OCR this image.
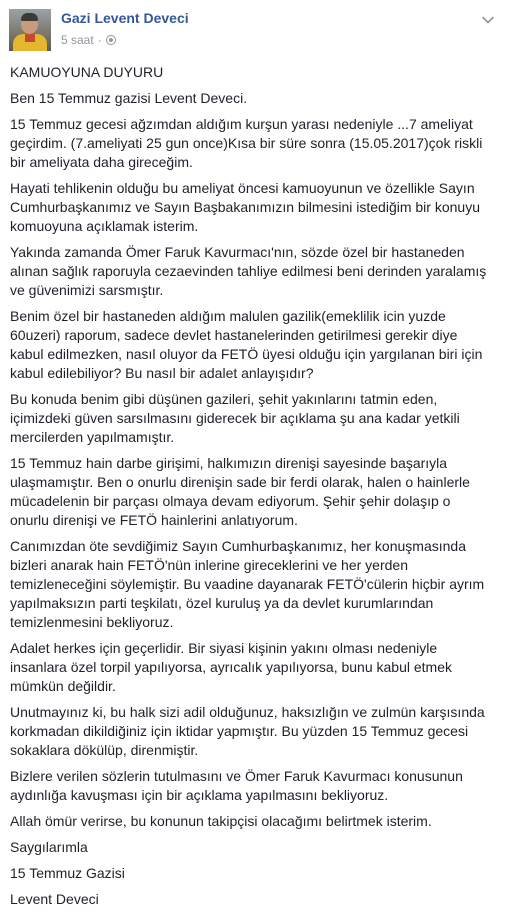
Gazi Levent Deveci
5 saat ·

KAMUOYUNA DUYURU

Ben 15 Temmuz gazisi Levent Deveci.

15 Temmuz gecesi ağzımdan aldığım kurşun yarası nedeniyle ...7 ameliyat
geçirdim. (7.ameliyati 25 gun once)Kısa bir süre sonra (15.05.2017)çok riskli
bir ameliyata daha gireceğim.

Hayati tehlikenin olduğu bu ameliyat öncesi kamuoyunun ve özellikle Sayın
Cumhurbaşkanımız ve Sayın Başbakanımızın bilmesini istediğim bir konuyu
komuoyuna açıklamak isterim.

Yakında zamanda Ömer Faruk Kavurmacı'nın, sözde özel bir hastaneden
alınan sağlık raporuyla cezaevinden tahliye edilmesi beni derinden yaralamış
ve güvenimizi sarsmıştır.

Benim özel bir hastaneden aldığım malulen gazilik(emeklilik icin yuzde
60uzeri) raporum, sadece devlet hastanelerinden getirilmesi gerekir diye
kabul edilmezken, nasıl oluyor da FETÖ üyesi olduğu için yargılanan biri için
kabul edilebiliyor? Bu nasıl bir adalet anlayışıdır?

Bu konuda benim gibi düşünen gazileri, şehit yakınlarını tatmin eden,
içimizdeki güven sarsılmasını giderecek bir açıklama şu ana kadar yetkili
mercilerden yapılmamıştır.

15 Temmuz hain darbe girişimi, halkımızın direnişi sayesinde başarıyla
ulaşmamıştır. Ben o onurlu direnişin sade bir ferdi olarak, halen o hainlerle
mücadelenin bir parçası olmaya devam ediyorum. Şehir şehir dolaşıp o
onurlu direnişi ve FETÖ hainlerini anlatıyorum.

Canımızdan öte sevdiğimiz Sayın Cumhurbaşkanımız, her konuşmasında
bizleri anarak hain FETÖ'nün inlerine gireceklerini ve her yerden
temizleneceğini söylemiştir. Bu vaadine dayanarak FETÖ'cülerin hiçbir ayrım
yapılmaksızın parti teşkilatı, özel kuruluş ya da devlet kurumlarından
temizlenmesini bekliyoruz.

Adalet herkes için geçerlidir. Bir siyasi kişinin yakını olması nedeniyle
insanlara özel torpil yapılıyorsa, ayrıcalık yapılıyorsa, bunu kabul etmek
mümkün değildir.

Unutmayınız ki, bu halk sizi adil olduğunuz, haksızlığın ve zulmün karşısında
korkmadan dikildiğiniz için iktidar yapmıştır. Bu yüzden 15 Temmuz gecesi
sokaklara dökülüp, direnmiştir.

Bizlere verilen sözlerin tutulmasını ve Ömer Faruk Kavurmacı konusunun
aydınlığa kavuşması için bir açıklama yapılmasını bekliyoruz.

Allah ömür verirse, bu konunun takipçisi olacağımı belirtmek isterim.

Saygılarımla

15 Temmuz Gazisi

Levent Deveci
